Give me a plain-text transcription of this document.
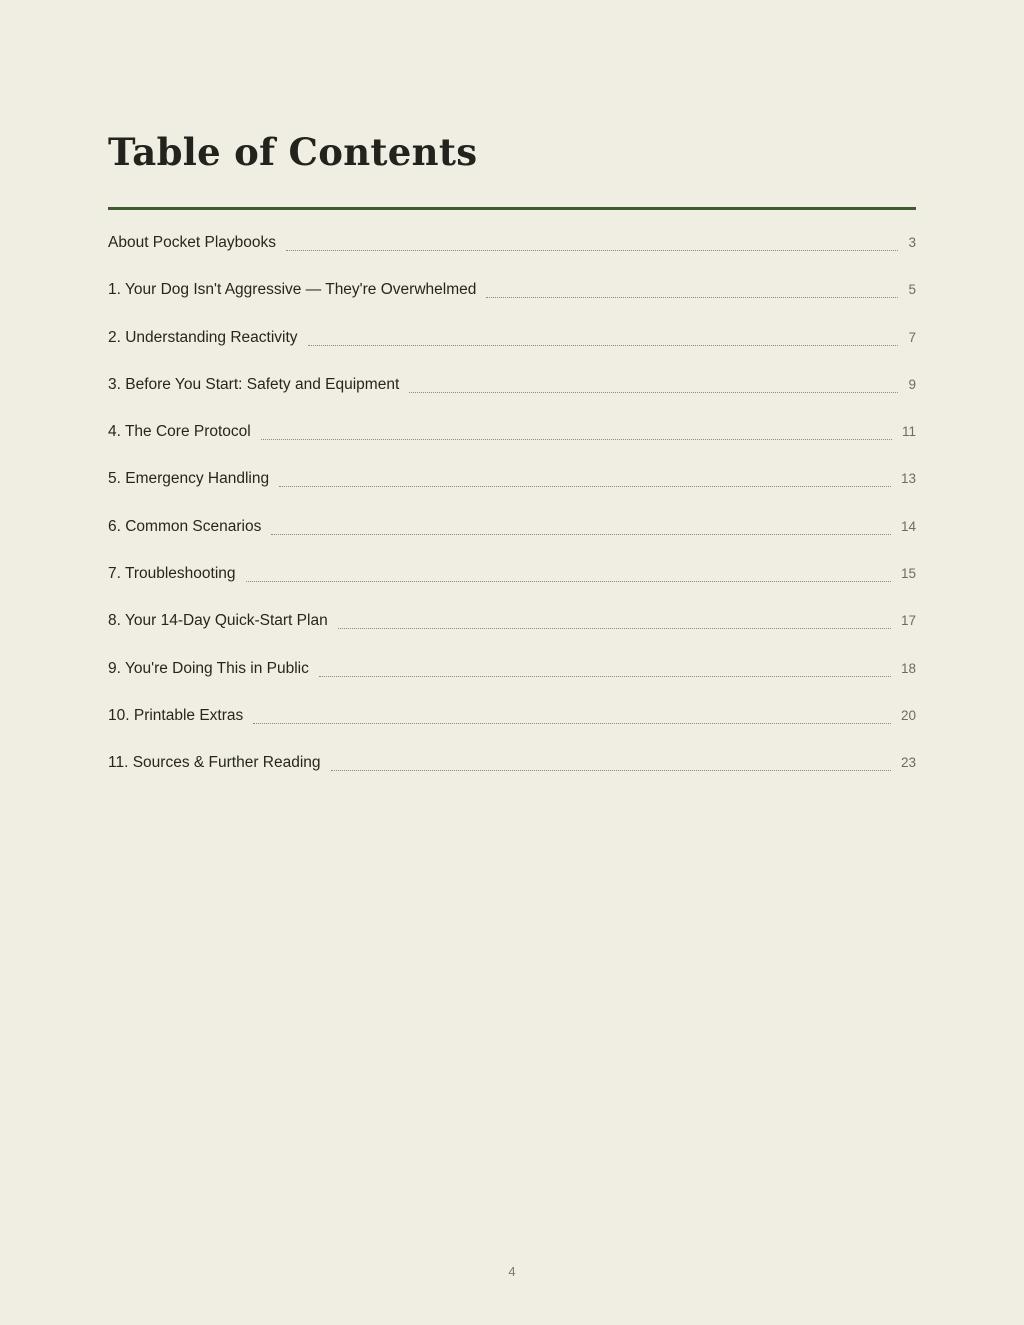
Table of Contents
About Pocket Playbooks	3
1. Your Dog Isn't Aggressive — They're Overwhelmed	5
2. Understanding Reactivity	7
3. Before You Start: Safety and Equipment	9
4. The Core Protocol	11
5. Emergency Handling	13
6. Common Scenarios	14
7. Troubleshooting	15
8. Your 14-Day Quick-Start Plan	17
9. You're Doing This in Public	18
10. Printable Extras	20
11. Sources & Further Reading	23
4
